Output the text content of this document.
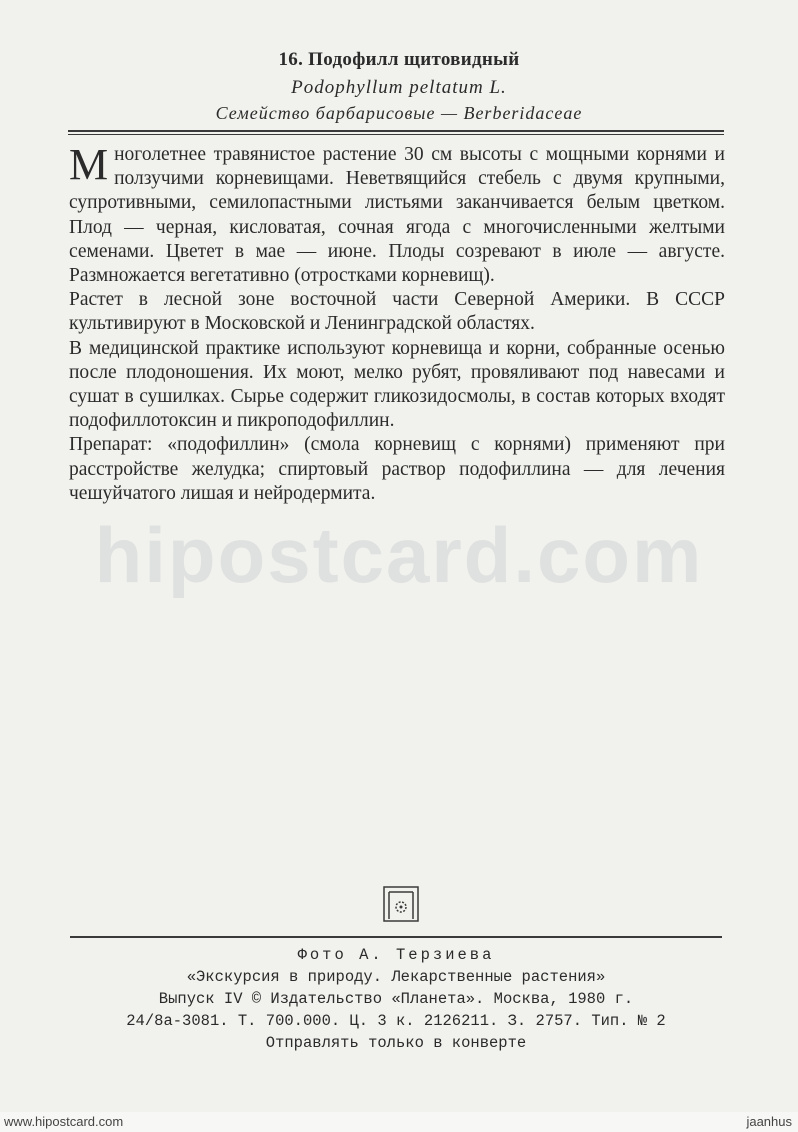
16. Подофилл щитовидный
Podophyllum peltatum L.
Семейство барбарисовые — Berberidaceae

Многолетнее травянистое растение 30 см высоты с мощными корнями и ползучими корневищами. Неветвящийся стебель с двумя крупными, супротивными, семилопастными листьями заканчивается белым цветком. Плод — черная, кисловатая, сочная ягода с многочисленными желтыми семенами. Цветет в мае — июне. Плоды созревают в июле — августе. Размножается вегетативно (отростками корневищ).

Растет в лесной зоне восточной части Северной Америки. В СССР культивируют в Московской и Ленинградской областях.

В медицинской практике используют корневища и корни, собранные осенью после плодоношения. Их моют, мелко рубят, провяливают под навесами и сушат в сушилках. Сырье содержит гликозидосмолы, в состав которых входят подофиллотоксин и пикроподофиллин.

Препарат: «подофиллин» (смола корневищ с корнями) применяют при расстройстве желудка; спиртовый раствор подофиллина — для лечения чешуйчатого лишая и нейродермита.

hipostcard.com
Фото А. Терзиева
«Экскурсия в природу. Лекарственные растения»
Выпуск IV © Издательство «Планета». Москва, 1980 г.
24/8а-3081. Т. 700.000. Ц. 3 к. 2126211. З. 2757. Тип. № 2
Отправлять только в конверте
www.hipostcard.com	jaanhus
